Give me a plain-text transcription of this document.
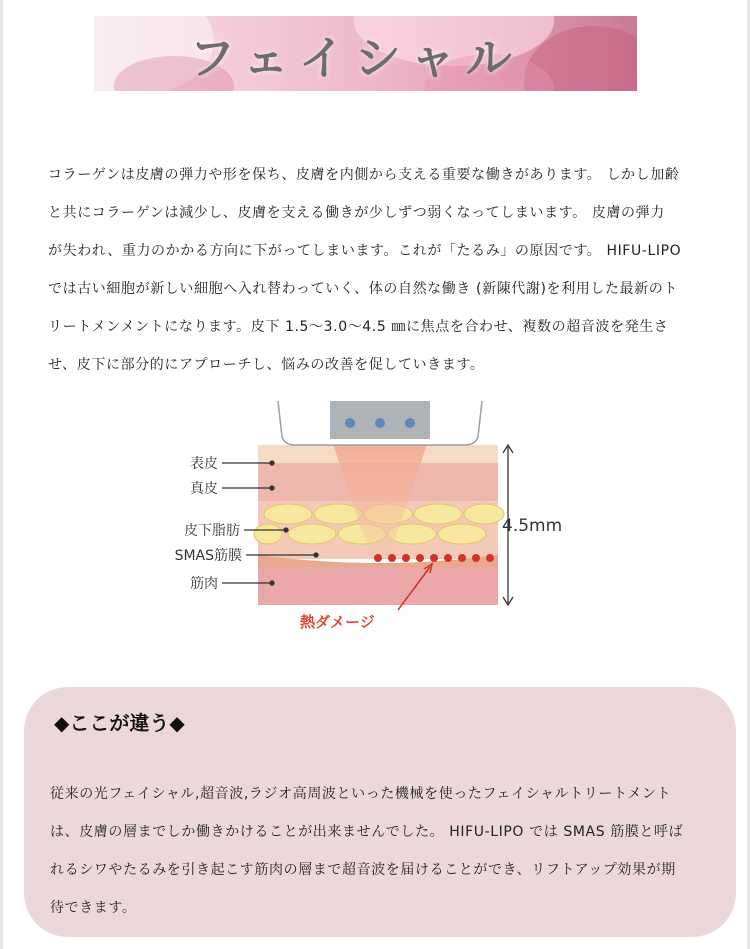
フェイシャル
コラーゲンは皮膚の弾力や形を保ち、皮膚を内側から支える重要な働きがあります。 しかし加齢
と共にコラーゲンは減少し、皮膚を支える働きが少しずつ弱くなってしまいます。 皮膚の弾力
が失われ、重力のかかる方向に下がってしまいます。これが「たるみ」の原因です。 HIFU-LIPO
では古い細胞が新しい細胞へ入れ替わっていく、体の自然な働き (新陳代謝)を利用した最新のト
リートメンメントになります。皮下 1.5～3.0～4.5 ㎜に焦点を合わせ、複数の超音波を発生さ
せ、皮下に部分的にアプローチし、悩みの改善を促していきます。
表皮
真皮
皮下脂肪
SMAS筋膜
筋肉
4.5mm
熱ダメージ
◆ここが違う◆
従来の光フェイシャル,超音波,ラジオ高周波といった機械を使ったフェイシャルトリートメント
は、皮膚の層までしか働きかけることが出来ませんでした。 HIFU-LIPO では SMAS 筋膜と呼ば
れるシワやたるみを引き起こす筋肉の層まで超音波を届けることができ、リフトアップ効果が期
待できます。
